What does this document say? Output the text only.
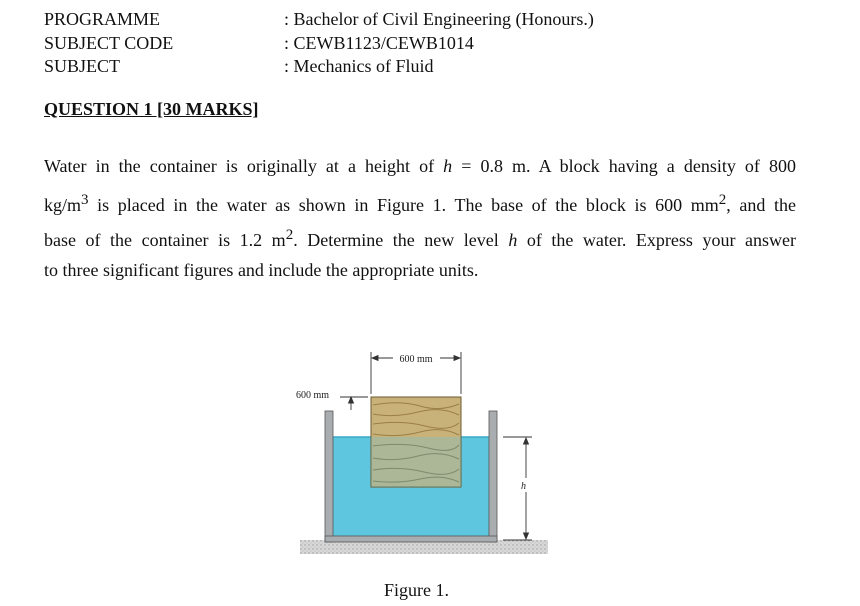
PROGRAMME	: Bachelor of Civil Engineering (Honours.)
SUBJECT CODE	: CEWB1123/CEWB1014
SUBJECT	: Mechanics of Fluid
QUESTION 1 [30 MARKS]
Water in the container is originally at a height of h = 0.8 m. A block having a density of 800
$kg/m^3$ is placed in the water as shown in Figure 1. The base of the block is 600 $mm^2$, and the
base of the container is 1.2 $m^2$. Determine the new level h of the water. Express your answer
to three significant figures and include the appropriate units.
600 mm
600 mm
h
Figure 1.
